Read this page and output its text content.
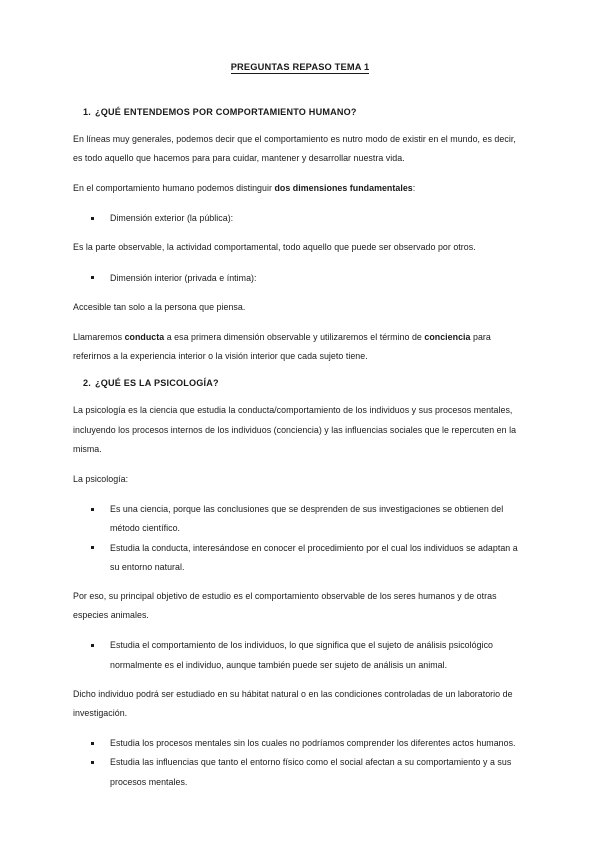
PREGUNTAS REPASO TEMA 1
1. ¿QUÉ ENTENDEMOS POR COMPORTAMIENTO HUMANO?

En líneas muy generales, podemos decir que el comportamiento es nutro modo de existir en el mundo, es decir, es todo aquello que hacemos para para cuidar, mantener y desarrollar nuestra vida.

En el comportamiento humano podemos distinguir dos dimensiones fundamentales:

Dimensión exterior (la pública):

Es la parte observable, la actividad comportamental, todo aquello que puede ser observado por otros.

Dimensión interior (privada e íntima):

Accesible tan solo a la persona que piensa.

Llamaremos conducta a esa primera dimensión observable y utilizaremos el término de conciencia para referirnos a la experiencia interior o la visión interior que cada sujeto tiene.

2. ¿QUÉ ES LA PSICOLOGÍA?

La psicología es la ciencia que estudia la conducta/comportamiento de los individuos y sus procesos mentales, incluyendo los procesos internos de los individuos (conciencia) y las influencias sociales que le repercuten en la misma.

La psicología:

Es una ciencia, porque las conclusiones que se desprenden de sus investigaciones se obtienen del método científico.
Estudia la conducta, interesándose en conocer el procedimiento por el cual los individuos se adaptan a su entorno natural.

Por eso, su principal objetivo de estudio es el comportamiento observable de los seres humanos y de otras especies animales.

Estudia el comportamiento de los individuos, lo que significa que el sujeto de análisis psicológico normalmente es el individuo, aunque también puede ser sujeto de análisis un animal.

Dicho individuo podrá ser estudiado en su hábitat natural o en las condiciones controladas de un laboratorio de investigación.

Estudia los procesos mentales sin los cuales no podríamos comprender los diferentes actos humanos.
Estudia las influencias que tanto el entorno físico como el social afectan a su comportamiento y a sus procesos mentales.
